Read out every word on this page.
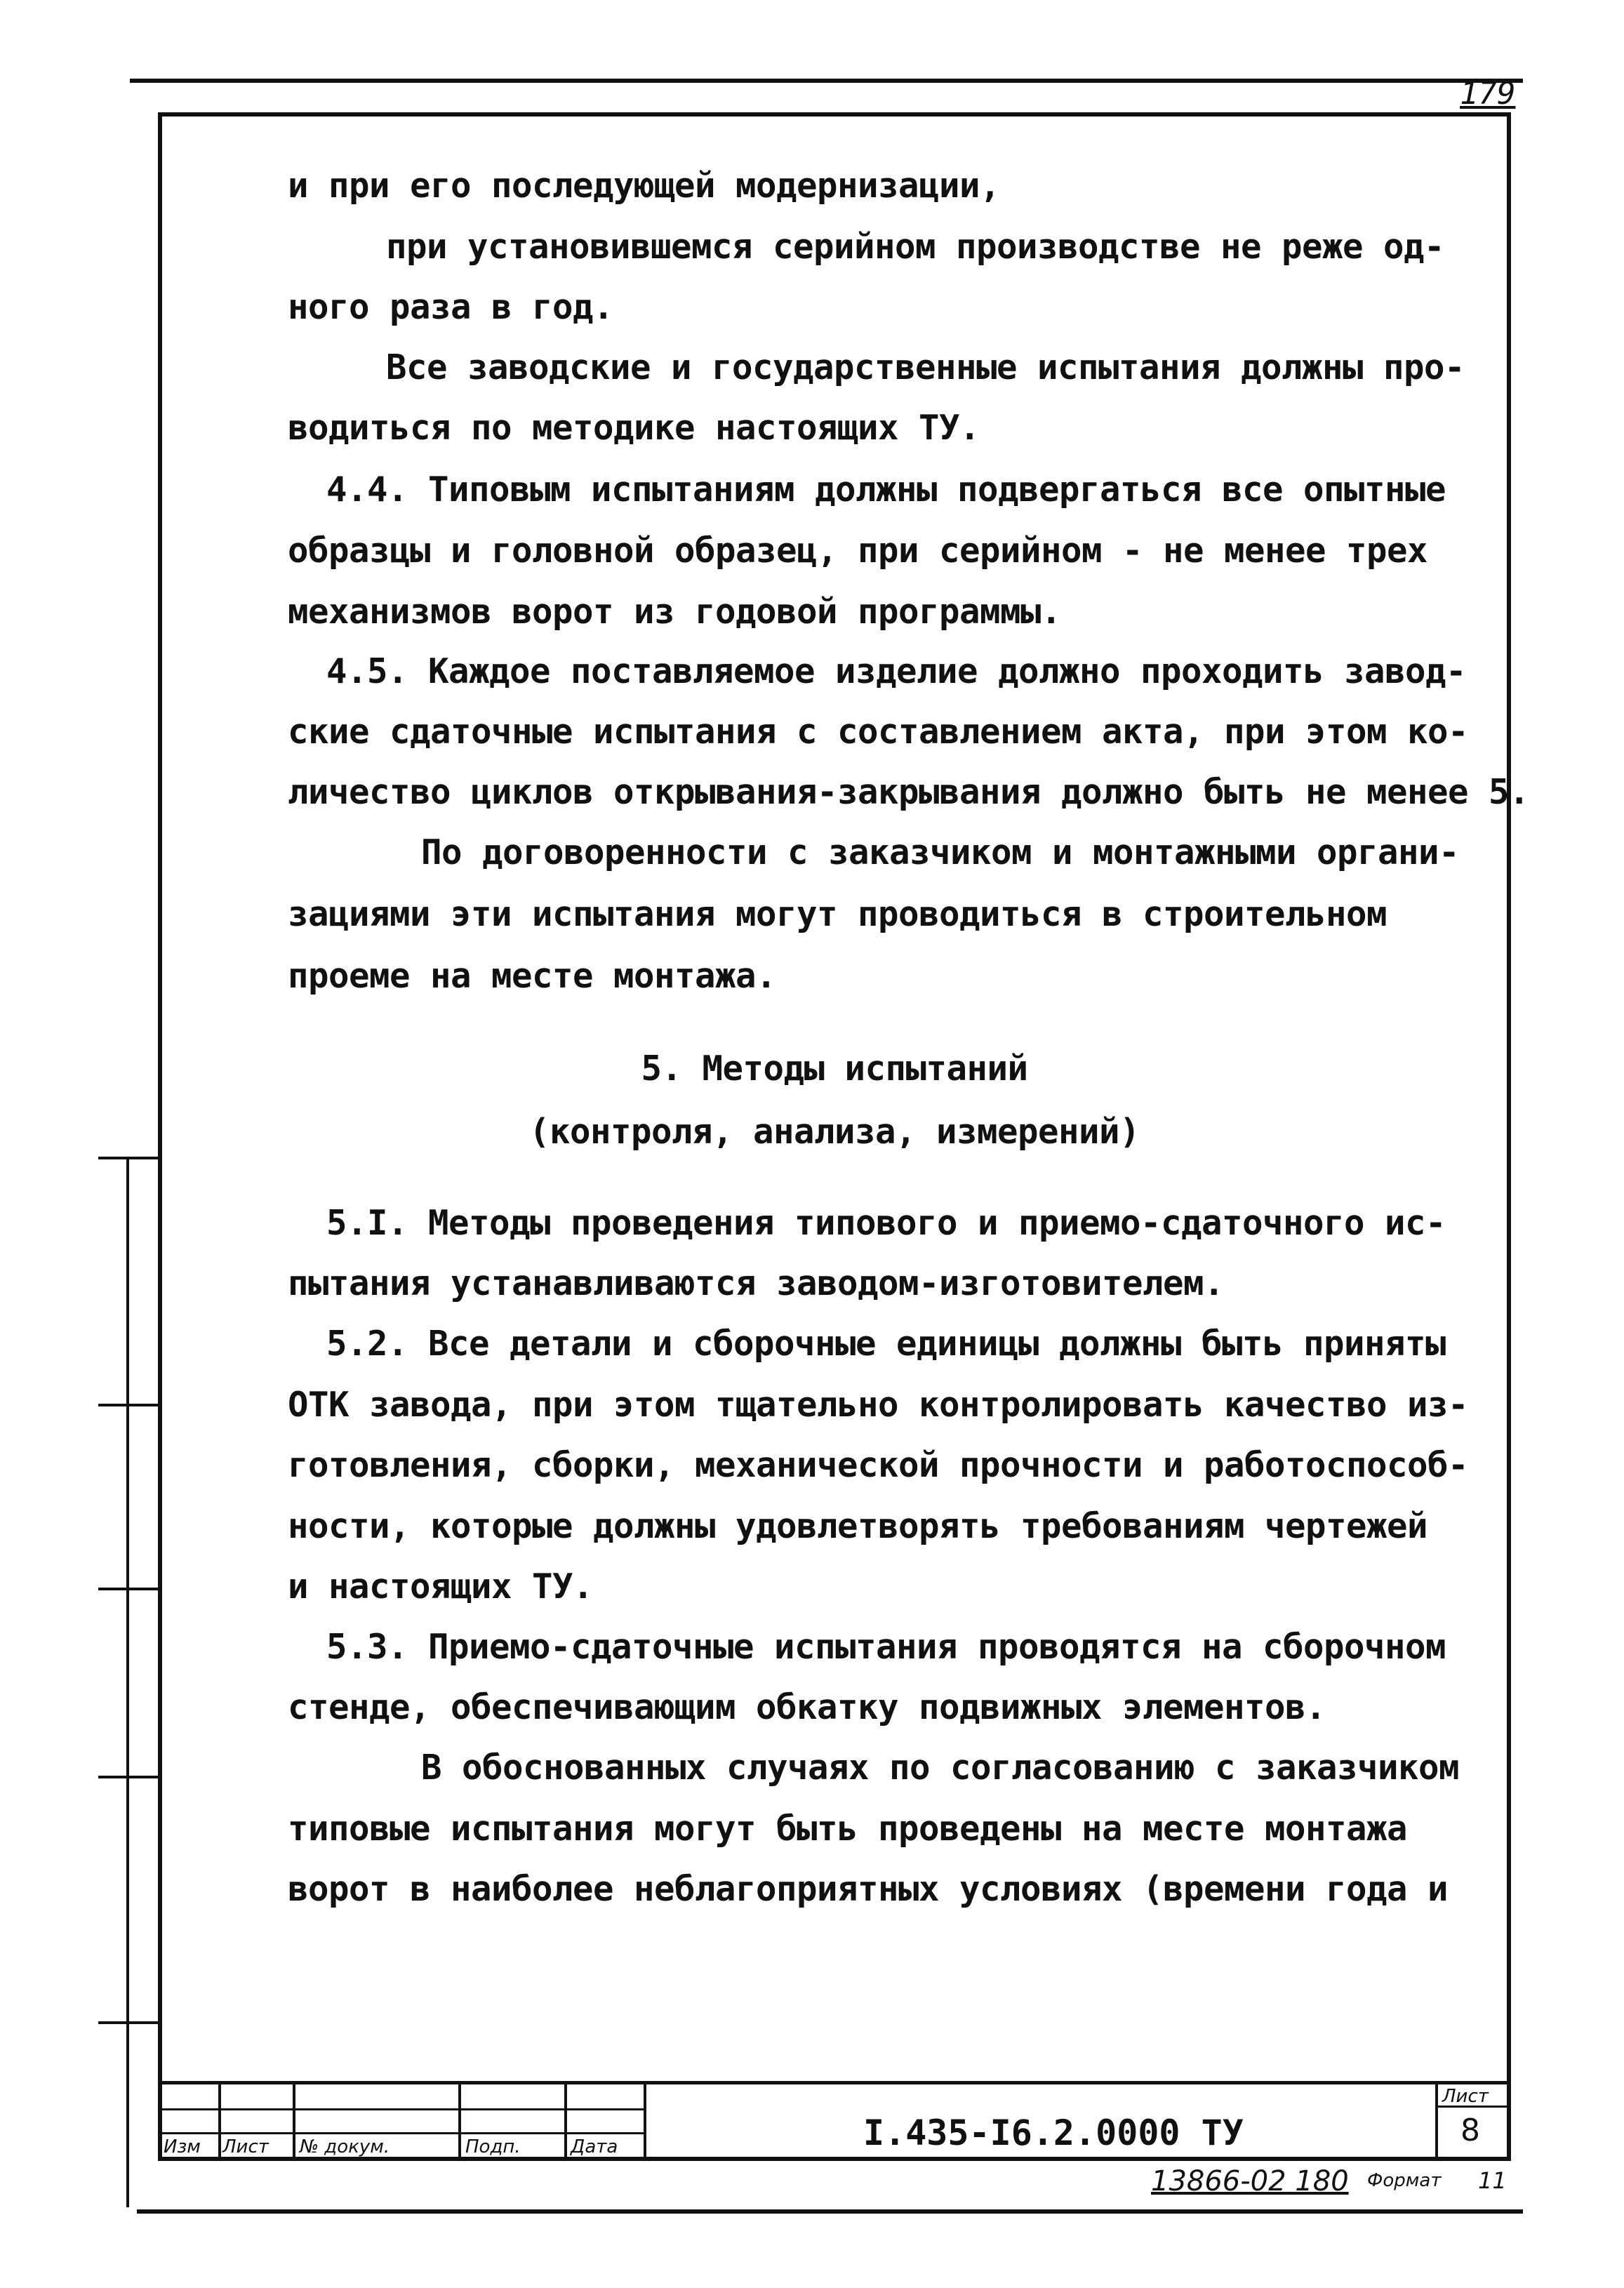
179
и при его последующей модернизации,
при установившемся серийном производстве не реже од-
ного раза в год.
Все заводские и государственные испытания должны про-
водиться по методике настоящих ТУ.
4.4. Типовым испытаниям должны подвергаться все опытные
образцы и головной образец, при серийном - не менее трех
механизмов ворот из годовой программы.
4.5. Каждое поставляемое изделие должно проходить завод-
ские сдаточные испытания с составлением акта, при этом ко-
личество циклов открывания-закрывания должно быть не менее 5.
По договоренности с заказчиком и монтажными органи-
зациями эти испытания могут проводиться в строительном
проеме на месте монтажа.
5. Методы испытаний
(контроля, анализа, измерений)
5.I. Методы проведения типового и приемо-сдаточного ис-
пытания устанавливаются заводом-изготовителем.
5.2. Все детали и сборочные единицы должны быть приняты
ОТК завода, при этом тщательно контролировать качество из-
готовления, сборки, механической прочности и работоспособ-
ности, которые должны удовлетворять требованиям чертежей
и настоящих ТУ.
5.3. Приемо-сдаточные испытания проводятся на сборочном
стенде, обеспечивающим обкатку подвижных элементов.
В обоснованных случаях по согласованию с заказчиком
типовые испытания могут быть проведены на месте монтажа
ворот в наиболее неблагоприятных условиях (времени года и
Изм Лист № докум.	Подп.	Дата
Лист
8
I.435-I6.2.0000 ТУ
13866-02 180 Формат 11
